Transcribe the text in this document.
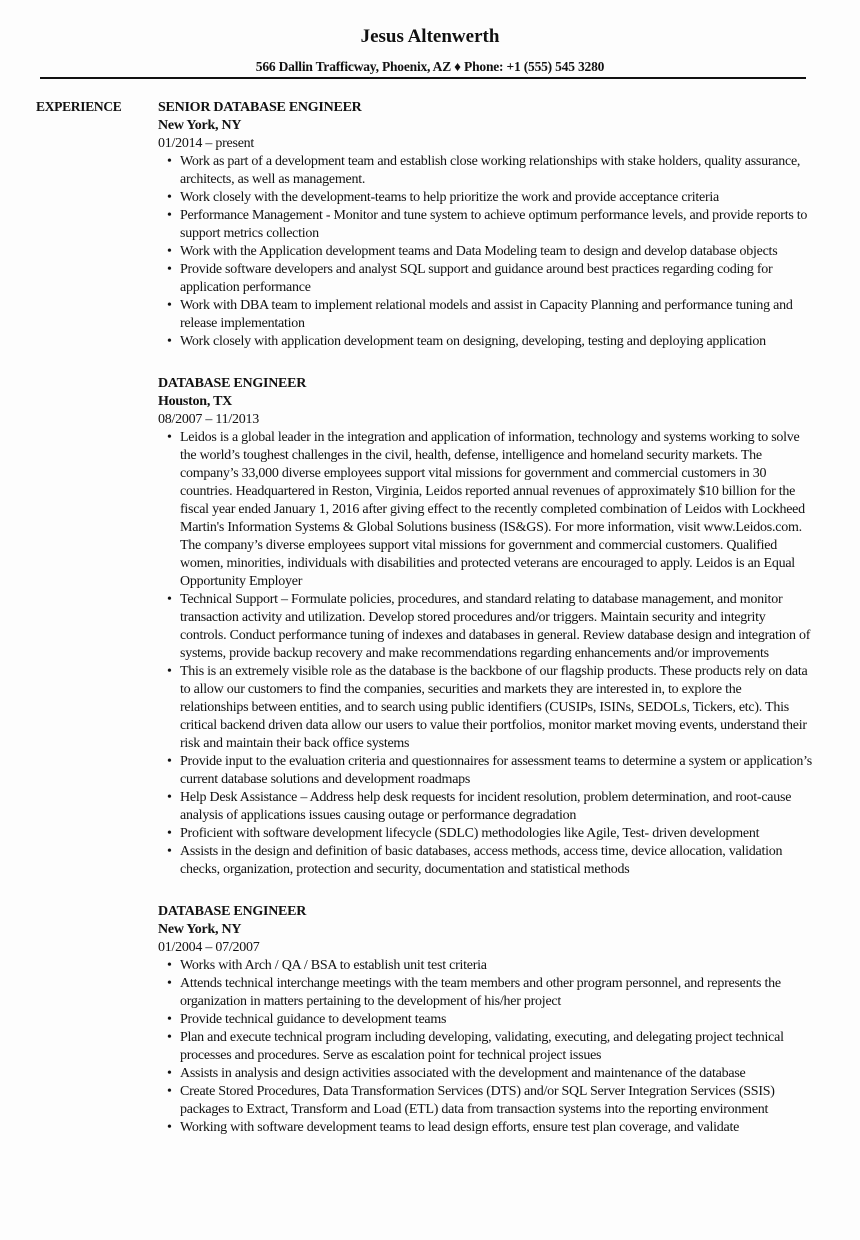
Jesus Altenwerth
566 Dallin Trafficway, Phoenix, AZ ♦ Phone: +1 (555) 545 3280
EXPERIENCE	SENIOR DATABASE ENGINEER
New York, NY
01/2014 – present
• Work as part of a development team and establish close working relationships with stake holders, quality assurance, architects, as well as management.
• Work closely with the development-teams to help prioritize the work and provide acceptance criteria
• Performance Management - Monitor and tune system to achieve optimum performance levels, and provide reports to support metrics collection
• Work with the Application development teams and Data Modeling team to design and develop database objects
• Provide software developers and analyst SQL support and guidance around best practices regarding coding for application performance
• Work with DBA team to implement relational models and assist in Capacity Planning and performance tuning and release implementation
• Work closely with application development team on designing, developing, testing and deploying application
DATABASE ENGINEER
Houston, TX
08/2007 – 11/2013
• Leidos is a global leader in the integration and application of information, technology and systems working to solve the world’s toughest challenges in the civil, health, defense, intelligence and homeland security markets. The company’s 33,000 diverse employees support vital missions for government and commercial customers in 30 countries. Headquartered in Reston, Virginia, Leidos reported annual revenues of approximately $10 billion for the fiscal year ended January 1, 2016 after giving effect to the recently completed combination of Leidos with Lockheed Martin's Information Systems & Global Solutions business (IS&GS). For more information, visit www.Leidos.com. The company’s diverse employees support vital missions for government and commercial customers. Qualified women, minorities, individuals with disabilities and protected veterans are encouraged to apply. Leidos is an Equal Opportunity Employer
• Technical Support – Formulate policies, procedures, and standard relating to database management, and monitor transaction activity and utilization. Develop stored procedures and/or triggers. Maintain security and integrity controls. Conduct performance tuning of indexes and databases in general. Review database design and integration of systems, provide backup recovery and make recommendations regarding enhancements and/or improvements
• This is an extremely visible role as the database is the backbone of our flagship products. These products rely on data to allow our customers to find the companies, securities and markets they are interested in, to explore the relationships between entities, and to search using public identifiers (CUSIPs, ISINs, SEDOLs, Tickers, etc). This critical backend driven data allow our users to value their portfolios, monitor market moving events, understand their risk and maintain their back office systems
• Provide input to the evaluation criteria and questionnaires for assessment teams to determine a system or application’s current database solutions and development roadmaps
• Help Desk Assistance – Address help desk requests for incident resolution, problem determination, and root-cause analysis of applications issues causing outage or performance degradation
• Proficient with software development lifecycle (SDLC) methodologies like Agile, Test- driven development
• Assists in the design and definition of basic databases, access methods, access time, device allocation, validation checks, organization, protection and security, documentation and statistical methods
DATABASE ENGINEER
New York, NY
01/2004 – 07/2007
• Works with Arch / QA / BSA to establish unit test criteria
• Attends technical interchange meetings with the team members and other program personnel, and represents the organization in matters pertaining to the development of his/her project
• Provide technical guidance to development teams
• Plan and execute technical program including developing, validating, executing, and delegating project technical processes and procedures. Serve as escalation point for technical project issues
• Assists in analysis and design activities associated with the development and maintenance of the database
• Create Stored Procedures, Data Transformation Services (DTS) and/or SQL Server Integration Services (SSIS) packages to Extract, Transform and Load (ETL) data from transaction systems into the reporting environment
• Working with software development teams to lead design efforts, ensure test plan coverage, and validate
